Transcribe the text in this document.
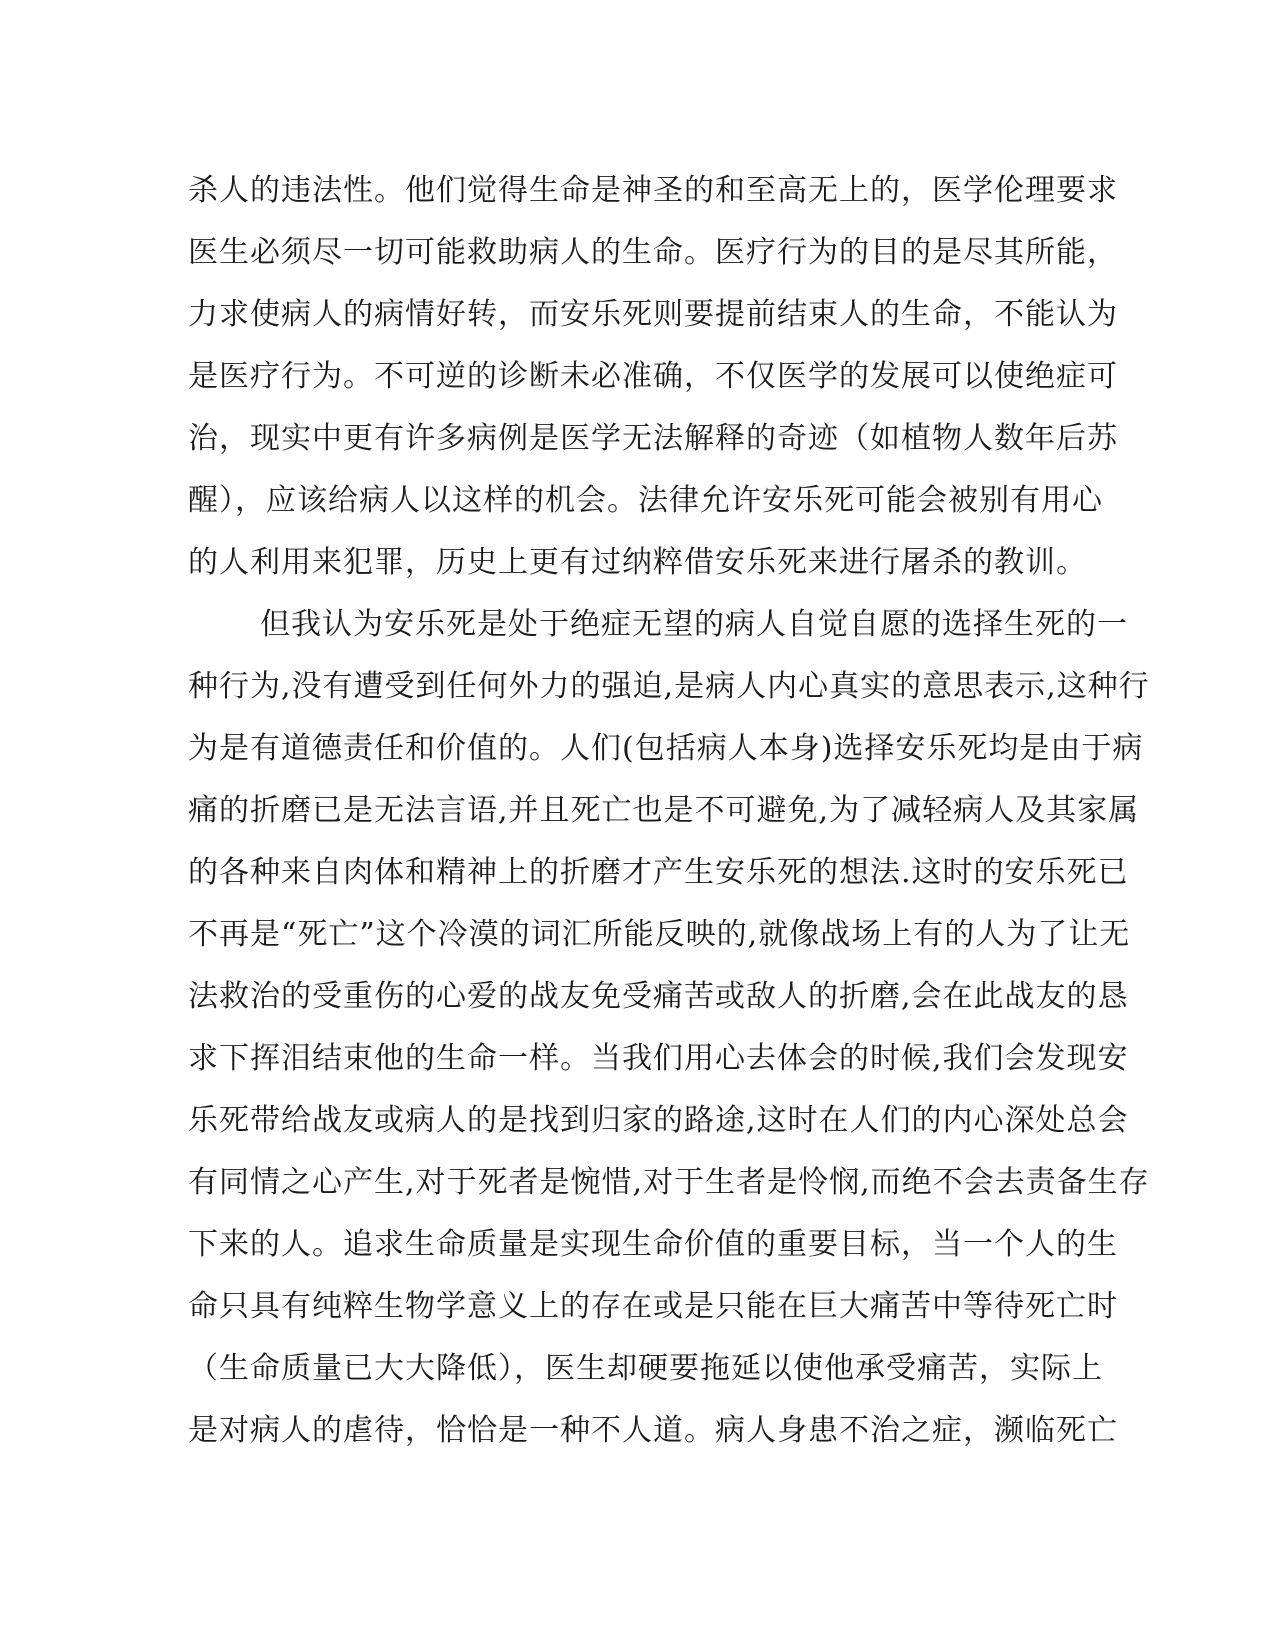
杀人的违法性。他们觉得生命是神圣的和至高无上的，医学伦理要求
医生必须尽一切可能救助病人的生命。医疗行为的目的是尽其所能，
力求使病人的病情好转，而安乐死则要提前结束人的生命，不能认为
是医疗行为。不可逆的诊断未必准确，不仅医学的发展可以使绝症可
治，现实中更有许多病例是医学无法解释的奇迹（如植物人数年后苏
醒），应该给病人以这样的机会。法律允许安乐死可能会被别有用心
的人利用来犯罪，历史上更有过纳粹借安乐死来进行屠杀的教训。
但我认为安乐死是处于绝症无望的病人自觉自愿的选择生死的一
种行为,没有遭受到任何外力的强迫,是病人内心真实的意思表示,这种行
为是有道德责任和价值的。人们(包括病人本身)选择安乐死均是由于病
痛的折磨已是无法言语,并且死亡也是不可避免,为了减轻病人及其家属
的各种来自肉体和精神上的折磨才产生安乐死的想法.这时的安乐死已
不再是“死亡”这个冷漠的词汇所能反映的,就像战场上有的人为了让无
法救治的受重伤的心爱的战友免受痛苦或敌人的折磨,会在此战友的恳
求下挥泪结束他的生命一样。当我们用心去体会的时候,我们会发现安
乐死带给战友或病人的是找到归家的路途,这时在人们的内心深处总会
有同情之心产生,对于死者是惋惜,对于生者是怜悯,而绝不会去责备生存
下来的人。追求生命质量是实现生命价值的重要目标，当一个人的生
命只具有纯粹生物学意义上的存在或是只能在巨大痛苦中等待死亡时
（生命质量已大大降低），医生却硬要拖延以使他承受痛苦，实际上
是对病人的虐待，恰恰是一种不人道。病人身患不治之症，濒临死亡
